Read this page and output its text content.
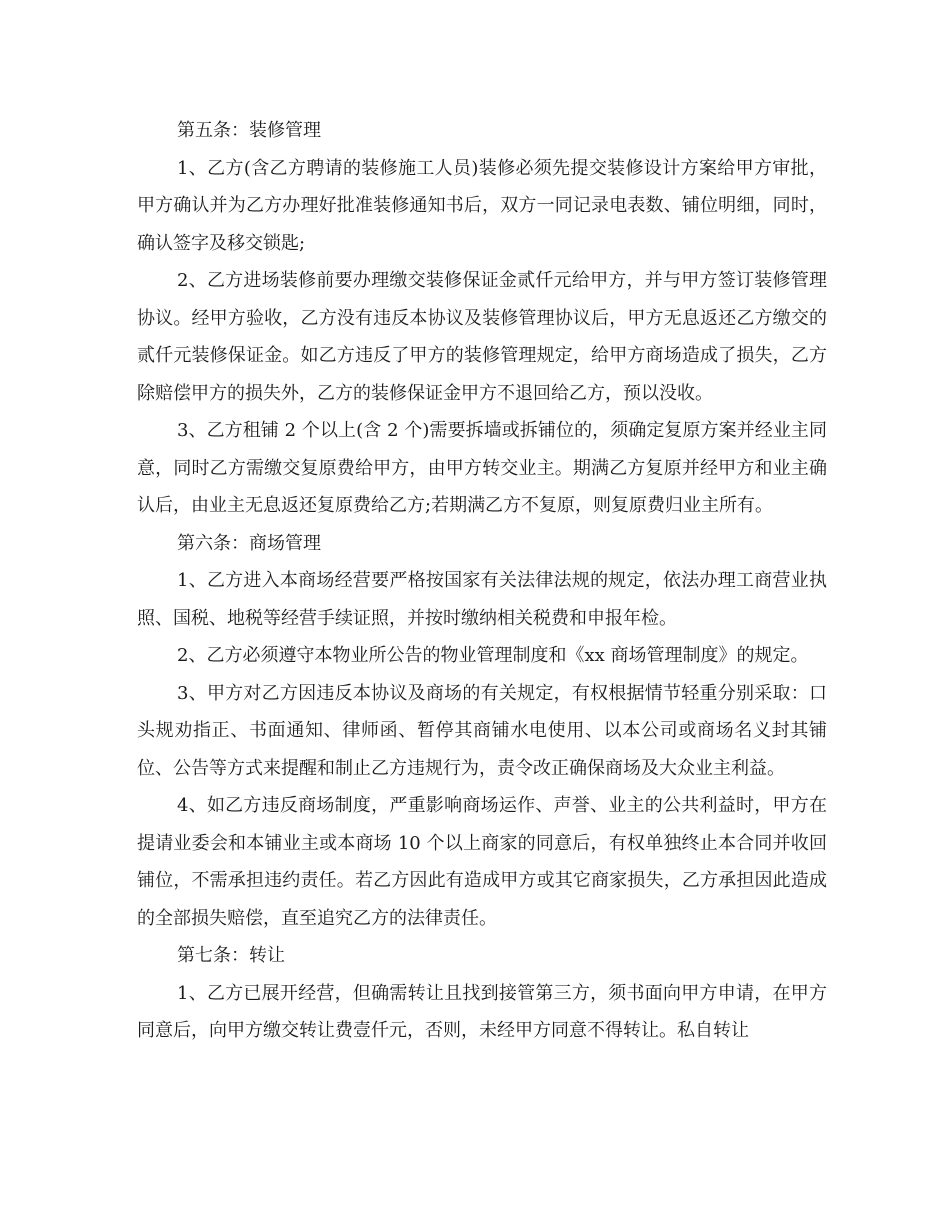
第五条：装修管理

1、乙方(含乙方聘请的装修施工人员)装修必须先提交装修设计方案给甲方审批，甲方确认并为乙方办理好批准装修通知书后，双方一同记录电表数、铺位明细，同时，确认签字及移交锁匙;

2、乙方进场装修前要办理缴交装修保证金贰仟元给甲方，并与甲方签订装修管理协议。经甲方验收，乙方没有违反本协议及装修管理协议后，甲方无息返还乙方缴交的贰仟元装修保证金。如乙方违反了甲方的装修管理规定，给甲方商场造成了损失，乙方除赔偿甲方的损失外，乙方的装修保证金甲方不退回给乙方，预以没收。

3、乙方租铺 2 个以上(含 2 个)需要拆墙或拆铺位的，须确定复原方案并经业主同意，同时乙方需缴交复原费给甲方，由甲方转交业主。期满乙方复原并经甲方和业主确认后，由业主无息返还复原费给乙方;若期满乙方不复原，则复原费归业主所有。

第六条：商场管理

1、乙方进入本商场经营要严格按国家有关法律法规的规定，依法办理工商营业执照、国税、地税等经营手续证照，并按时缴纳相关税费和申报年检。

2、乙方必须遵守本物业所公告的物业管理制度和《xx 商场管理制度》的规定。

3、甲方对乙方因违反本协议及商场的有关规定，有权根据情节轻重分别采取：口头规劝指正、书面通知、律师函、暂停其商铺水电使用、以本公司或商场名义封其铺位、公告等方式来提醒和制止乙方违规行为，责令改正确保商场及大众业主利益。

4、如乙方违反商场制度，严重影响商场运作、声誉、业主的公共利益时，甲方在提请业委会和本铺业主或本商场 10 个以上商家的同意后，有权单独终止本合同并收回铺位，不需承担违约责任。若乙方因此有造成甲方或其它商家损失，乙方承担因此造成的全部损失赔偿，直至追究乙方的法律责任。

第七条：转让

1、乙方已展开经营，但确需转让且找到接管第三方，须书面向甲方申请，在甲方同意后，向甲方缴交转让费壹仟元，否则，未经甲方同意不得转让。私自转让
